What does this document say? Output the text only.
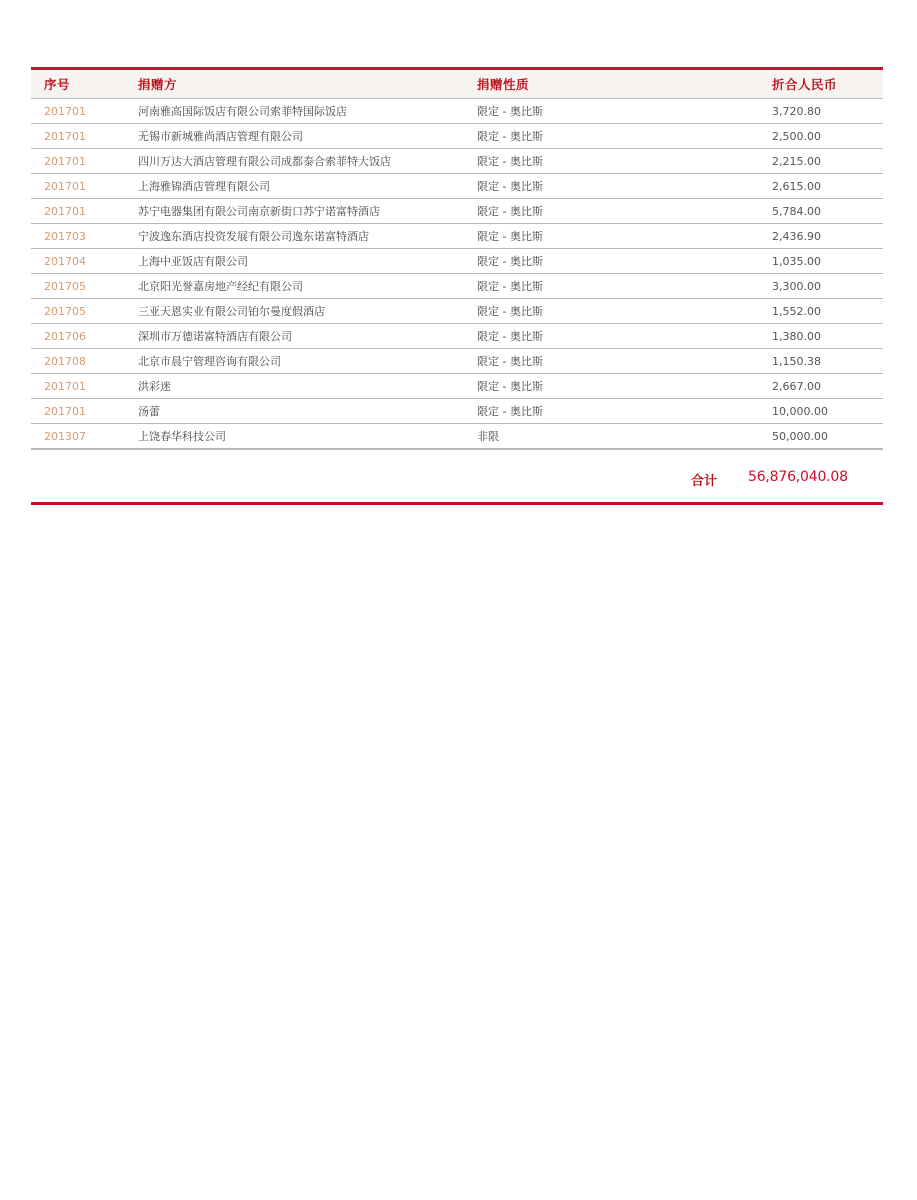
序号	捐赠方	捐赠性质	折合人民币
201701	河南雅高国际饭店有限公司索菲特国际饭店	限定 - 奥比斯	3,720.80
201701	无锡市新城雅尚酒店管理有限公司	限定 - 奥比斯	2,500.00
201701	四川万达大酒店管理有限公司成都泰合索菲特大饭店	限定 - 奥比斯	2,215.00
201701	上海雅锦酒店管理有限公司	限定 - 奥比斯	2,615.00
201701	苏宁电器集团有限公司南京新街口苏宁诺富特酒店	限定 - 奥比斯	5,784.00
201703	宁波逸东酒店投资发展有限公司逸东诺富特酒店	限定 - 奥比斯	2,436.90
201704	上海中亚饭店有限公司	限定 - 奥比斯	1,035.00
201705	北京阳光誉嘉房地产经纪有限公司	限定 - 奥比斯	3,300.00
201705	三亚天恩实业有限公司铂尔曼度假酒店	限定 - 奥比斯	1,552.00
201706	深圳市万德诺富特酒店有限公司	限定 - 奥比斯	1,380.00
201708	北京市晨宁管理咨询有限公司	限定 - 奥比斯	1,150.38
201701	洪彩迷	限定 - 奥比斯	2,667.00
201701	汤蕾	限定 - 奥比斯	10,000.00
201307	上饶春华科技公司	非限	50,000.00
合计 56,876,040.08
